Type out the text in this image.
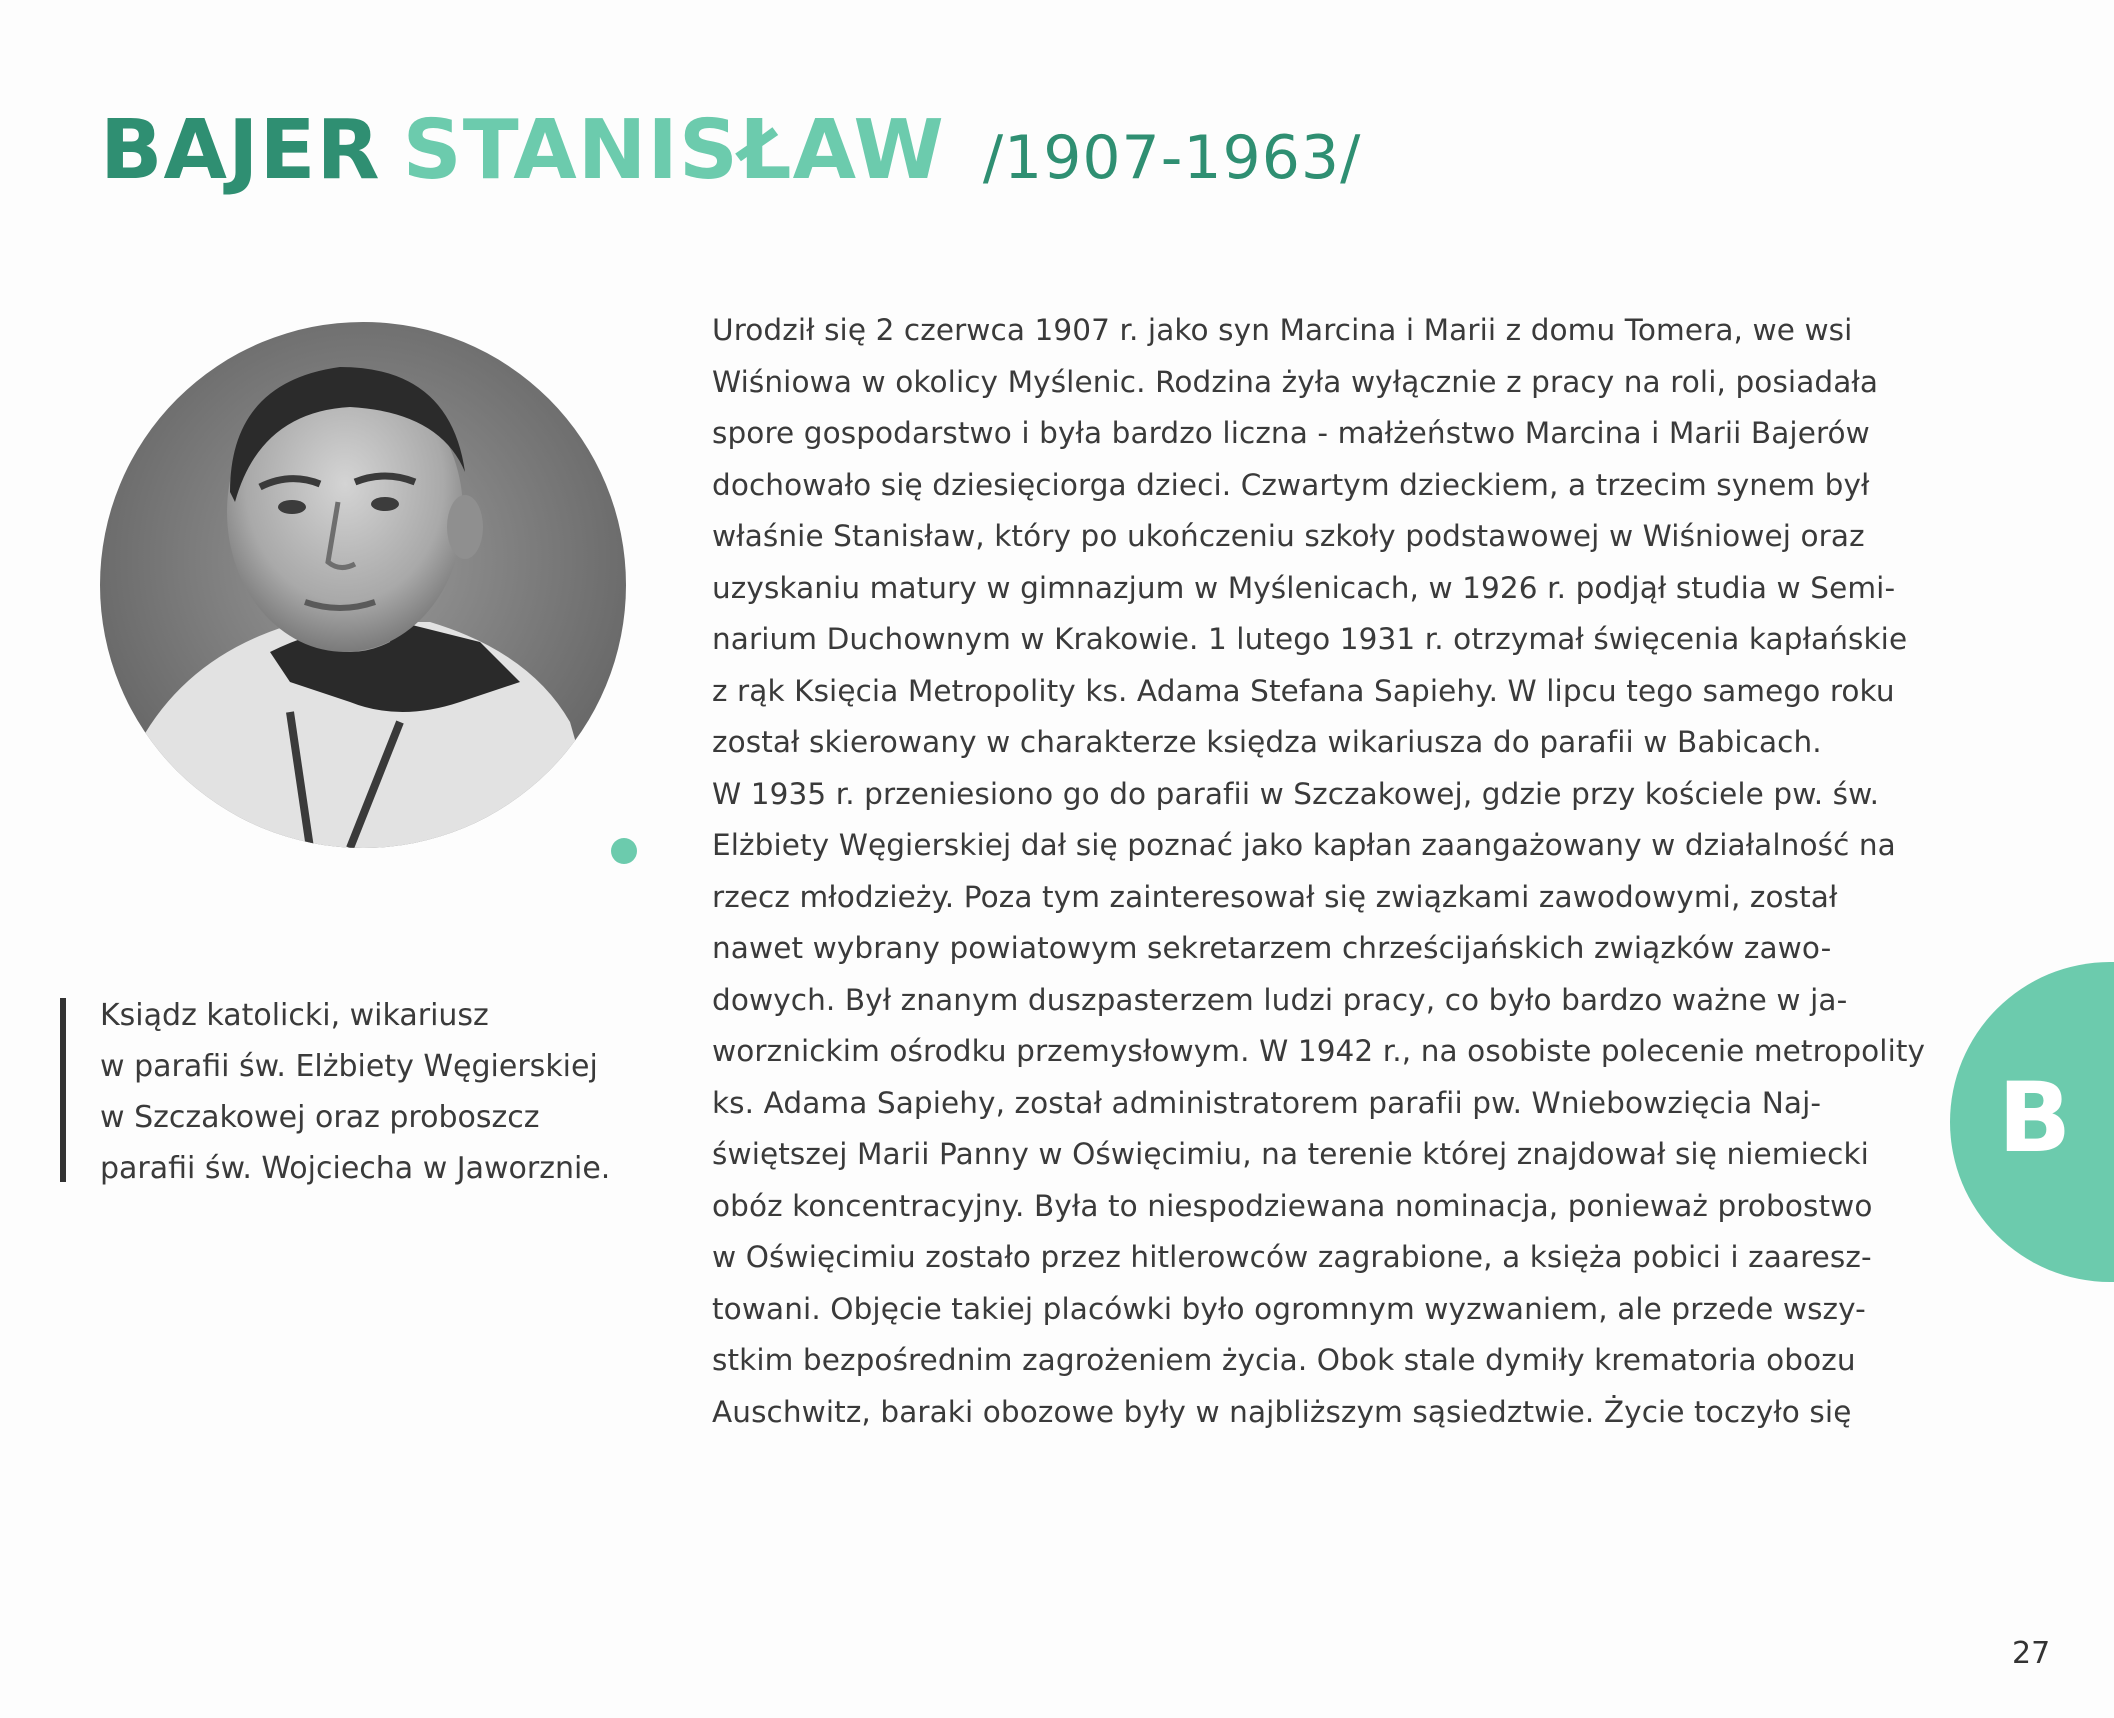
BAJER STANISŁAW /1907-1963/

Ksiądz katolicki, wikariusz
w parafii św. Elżbiety Węgierskiej
w Szczakowej oraz proboszcz
parafii św. Wojciecha w Jaworznie.

Urodził się 2 czerwca 1907 r. jako syn Marcina i Marii z domu Tomera, we wsi
Wiśniowa w okolicy Myślenic. Rodzina żyła wyłącznie z pracy na roli, posiadała
spore gospodarstwo i była bardzo liczna - małżeństwo Marcina i Marii Bajerów
dochowało się dziesięciorga dzieci. Czwartym dzieckiem, a trzecim synem był
właśnie Stanisław, który po ukończeniu szkoły podstawowej w Wiśniowej oraz
uzyskaniu matury w gimnazjum w Myślenicach, w 1926 r. podjął studia w Semi-
narium Duchownym w Krakowie. 1 lutego 1931 r. otrzymał święcenia kapłańskie
z rąk Księcia Metropolity ks. Adama Stefana Sapiehy. W lipcu tego samego roku
został skierowany w charakterze księdza wikariusza do parafii w Babicach.
W 1935 r. przeniesiono go do parafii w Szczakowej, gdzie przy kościele pw. św.
Elżbiety Węgierskiej dał się poznać jako kapłan zaangażowany w działalność na
rzecz młodzieży. Poza tym zainteresował się związkami zawodowymi, został
nawet wybrany powiatowym sekretarzem chrześcijańskich związków zawo-
dowych. Był znanym duszpasterzem ludzi pracy, co było bardzo ważne w ja-
worznickim ośrodku przemysłowym. W 1942 r., na osobiste polecenie metropolity
ks. Adama Sapiehy, został administratorem parafii pw. Wniebowzięcia Naj-
świętszej Marii Panny w Oświęcimiu, na terenie której znajdował się niemiecki
obóz koncentracyjny. Była to niespodziewana nominacja, ponieważ probostwo
w Oświęcimiu zostało przez hitlerowców zagrabione, a księża pobici i zaaresz-
towani. Objęcie takiej placówki było ogromnym wyzwaniem, ale przede wszy-
stkim bezpośrednim zagrożeniem życia. Obok stale dymiły krematoria obozu
Auschwitz, baraki obozowe były w najbliższym sąsiedztwie. Życie toczyło się
B
27
